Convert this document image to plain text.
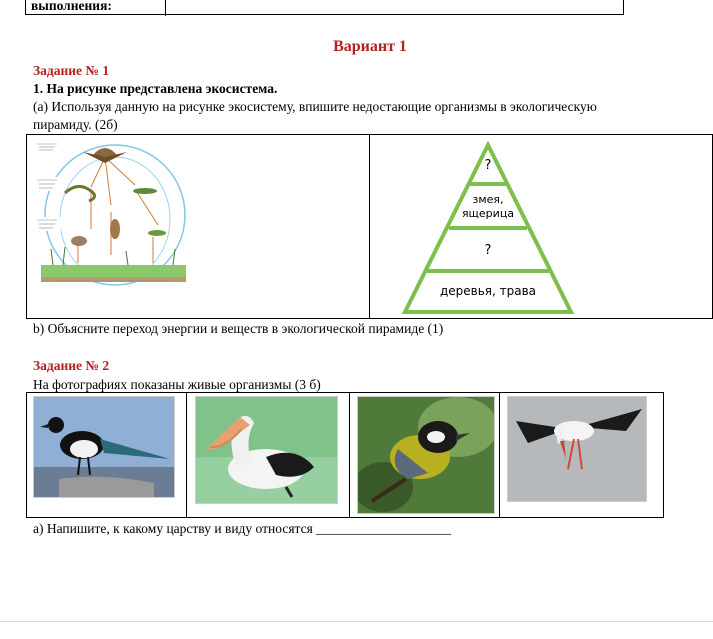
выполнения:
Вариант 1
Задание № 1
1. На рисунке представлена экосистема.
(а) Используя данную на рисунке экосистему, впишите недостающие организмы в экологическую
пирамиду. (2б)
?
змея,
ящерица
?
деревья, трава
b) Объясните переход энергии и веществ в экологической пирамиде (1)
Задание № 2
На фотографиях показаны живые организмы (3 б)
а) Напишите, к какому царству и виду относятся ____________________
